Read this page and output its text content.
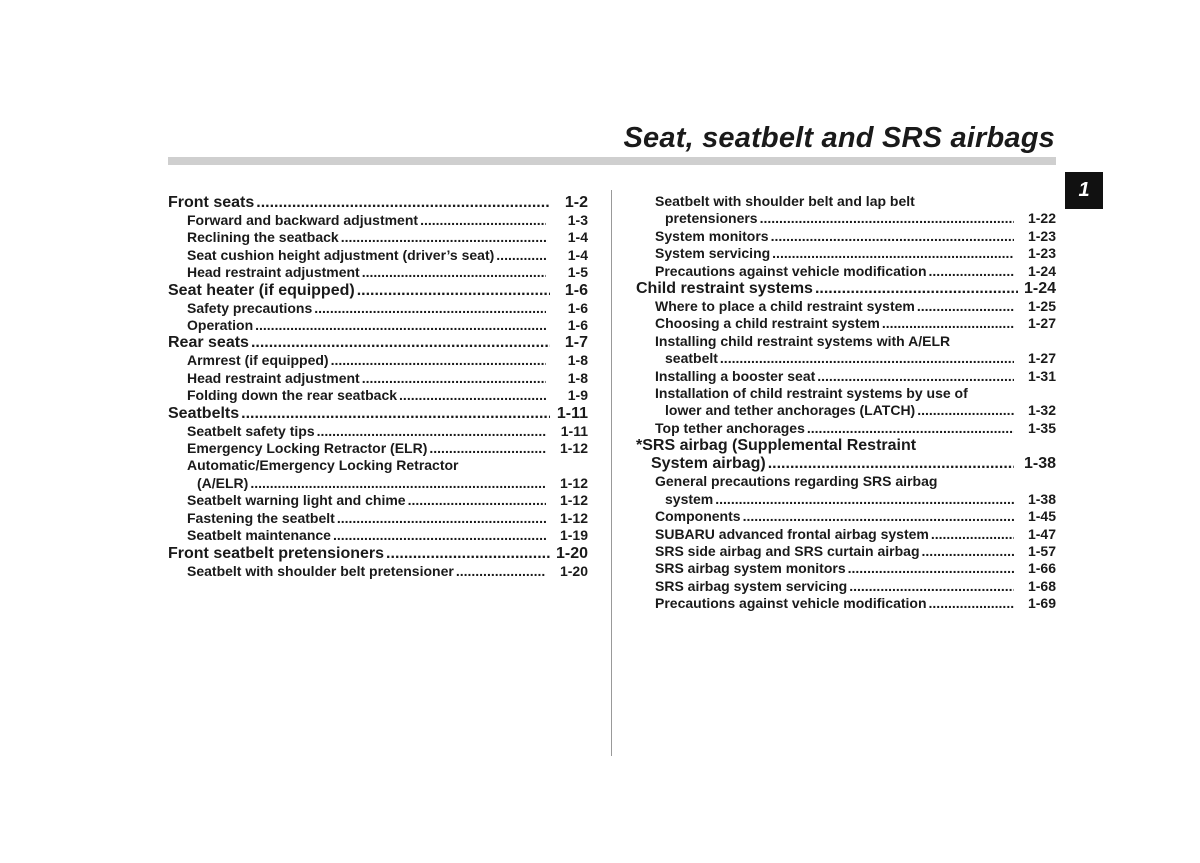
Seat, seatbelt and SRS airbags
1
Front seats .....	1-2
Forward and backward adjustment .....	1-3
Reclining the seatback .....	1-4
Seat cushion height adjustment (driver’s seat) .....	1-4
Head restraint adjustment .....	1-5
Seat heater (if equipped) .....	1-6
Safety precautions .....	1-6
Operation .....	1-6
Rear seats .....	1-7
Armrest (if equipped) .....	1-8
Head restraint adjustment .....	1-8
Folding down the rear seatback .....	1-9
Seatbelts .....	1-11
Seatbelt safety tips .....	1-11
Emergency Locking Retractor (ELR) .....	1-12
Automatic/Emergency Locking Retractor
(A/ELR) .....	1-12
Seatbelt warning light and chime .....	1-12
Fastening the seatbelt .....	1-12
Seatbelt maintenance .....	1-19
Front seatbelt pretensioners .....	1-20
Seatbelt with shoulder belt pretensioner .....	1-20
Seatbelt with shoulder belt and lap belt
pretensioners .....	1-22
System monitors .....	1-23
System servicing .....	1-23
Precautions against vehicle modification .....	1-24
Child restraint systems .....	1-24
Where to place a child restraint system .....	1-25
Choosing a child restraint system .....	1-27
Installing child restraint systems with A/ELR
seatbelt .....	1-27
Installing a booster seat .....	1-31
Installation of child restraint systems by use of
lower and tether anchorages (LATCH) .....	1-32
Top tether anchorages .....	1-35
*SRS airbag (Supplemental Restraint
System airbag) .....	1-38
General precautions regarding SRS airbag
system .....	1-38
Components .....	1-45
SUBARU advanced frontal airbag system .....	1-47
SRS side airbag and SRS curtain airbag .....	1-57
SRS airbag system monitors .....	1-66
SRS airbag system servicing .....	1-68
Precautions against vehicle modification .....	1-69
